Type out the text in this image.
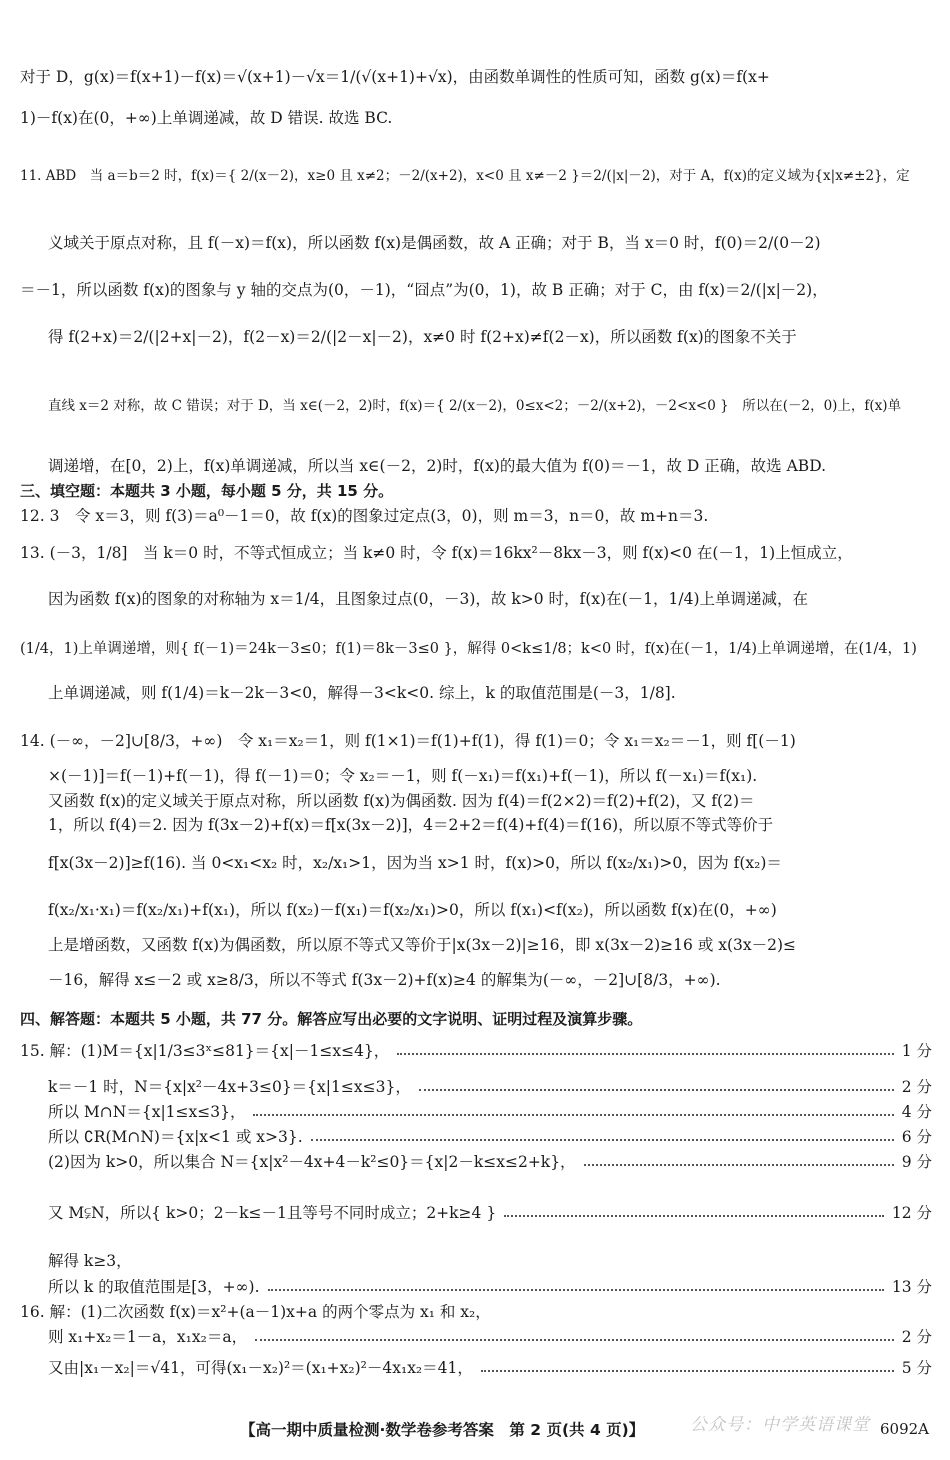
对于 D，g(x)＝f(x+1)－f(x)＝√(x+1)－√x＝1/(√(x+1)+√x)，由函数单调性的性质可知，函数 g(x)＝f(x+
1)－f(x)在(0，+∞)上单调递减，故 D 错误. 故选 BC.
11. ABD　当 a＝b＝2 时，f(x)＝{ 2/(x－2)，x≥0 且 x≠2；－2/(x+2)，x<0 且 x≠－2 }＝2/(|x|－2)，对于 A，f(x)的定义域为{x|x≠±2}，定
义域关于原点对称，且 f(－x)＝f(x)，所以函数 f(x)是偶函数，故 A 正确；对于 B，当 x＝0 时，f(0)＝2/(0－2)
＝－1，所以函数 f(x)的图象与 y 轴的交点为(0，－1)，“囧点”为(0，1)，故 B 正确；对于 C，由 f(x)＝2/(|x|－2)，
得 f(2+x)＝2/(|2+x|－2)，f(2－x)＝2/(|2－x|－2)，x≠0 时 f(2+x)≠f(2－x)，所以函数 f(x)的图象不关于
直线 x＝2 对称，故 C 错误；对于 D，当 x∈(－2，2)时，f(x)＝{ 2/(x－2)，0≤x<2；－2/(x+2)，－2<x<0 }　所以在(－2，0)上，f(x)单
调递增，在[0，2)上，f(x)单调递减，所以当 x∈(－2，2)时，f(x)的最大值为 f(0)＝－1，故 D 正确，故选 ABD.
三、填空题：本题共 3 小题，每小题 5 分，共 15 分。
12. 3　令 x＝3，则 f(3)＝a⁰－1＝0，故 f(x)的图象过定点(3，0)，则 m＝3，n＝0，故 m+n＝3.
13. (－3，1/8]　当 k＝0 时，不等式恒成立；当 k≠0 时，令 f(x)＝16kx²－8kx－3，则 f(x)<0 在(－1，1)上恒成立，
因为函数 f(x)的图象的对称轴为 x＝1/4，且图象过点(0，－3)，故 k>0 时，f(x)在(－1，1/4)上单调递减，在
(1/4，1)上单调递增，则{ f(－1)＝24k－3≤0；f(1)＝8k－3≤0 }，解得 0<k≤1/8；k<0 时，f(x)在(－1，1/4)上单调递增，在(1/4，1)
上单调递减，则 f(1/4)＝k－2k－3<0，解得－3<k<0. 综上，k 的取值范围是(－3，1/8].
14. (－∞，－2]∪[8/3，+∞)　令 x₁＝x₂＝1，则 f(1×1)＝f(1)+f(1)，得 f(1)＝0；令 x₁＝x₂＝－1，则 f[(－1)
×(－1)]＝f(－1)+f(－1)，得 f(－1)＝0；令 x₂＝－1，则 f(－x₁)＝f(x₁)+f(－1)，所以 f(－x₁)＝f(x₁).
又函数 f(x)的定义域关于原点对称，所以函数 f(x)为偶函数. 因为 f(4)＝f(2×2)＝f(2)+f(2)，又 f(2)＝
1，所以 f(4)＝2. 因为 f(3x－2)+f(x)＝f[x(3x－2)]，4＝2+2＝f(4)+f(4)＝f(16)，所以原不等式等价于
f[x(3x－2)]≥f(16). 当 0<x₁<x₂ 时，x₂/x₁>1，因为当 x>1 时，f(x)>0，所以 f(x₂/x₁)>0，因为 f(x₂)＝
f(x₂/x₁·x₁)＝f(x₂/x₁)+f(x₁)，所以 f(x₂)－f(x₁)＝f(x₂/x₁)>0，所以 f(x₁)<f(x₂)，所以函数 f(x)在(0，+∞)
上是增函数，又函数 f(x)为偶函数，所以原不等式又等价于|x(3x－2)|≥16，即 x(3x－2)≥16 或 x(3x－2)≤
－16，解得 x≤－2 或 x≥8/3，所以不等式 f(3x－2)+f(x)≥4 的解集为(－∞，－2]∪[8/3，+∞).
四、解答题：本题共 5 小题，共 77 分。解答应写出必要的文字说明、证明过程及演算步骤。
15. 解：(1)M＝{x|1/3≤3ˣ≤81}＝{x|－1≤x≤4}，	1 分
k＝－1 时，N＝{x|x²－4x+3≤0}＝{x|1≤x≤3}，	2 分
所以 M∩N＝{x|1≤x≤3}，	4 分
所以 ∁R(M∩N)＝{x|x<1 或 x>3}.	6 分
(2)因为 k>0，所以集合 N＝{x|x²－4x+4－k²≤0}＝{x|2－k≤x≤2+k}，	9 分
又 M⫋N，所以{ k>0；2－k≤－1且等号不同时成立；2+k≥4 }	12 分
解得 k≥3，
所以 k 的取值范围是[3，+∞).	13 分
16. 解：(1)二次函数 f(x)＝x²+(a－1)x+a 的两个零点为 x₁ 和 x₂，
则 x₁+x₂＝1－a，x₁x₂＝a，	2 分
又由|x₁－x₂|＝√41，可得(x₁－x₂)²＝(x₁+x₂)²－4x₁x₂＝41，	5 分
公众号：中学英语课堂
【高一期中质量检测·数学卷参考答案　第 2 页(共 4 页)】	6092A
